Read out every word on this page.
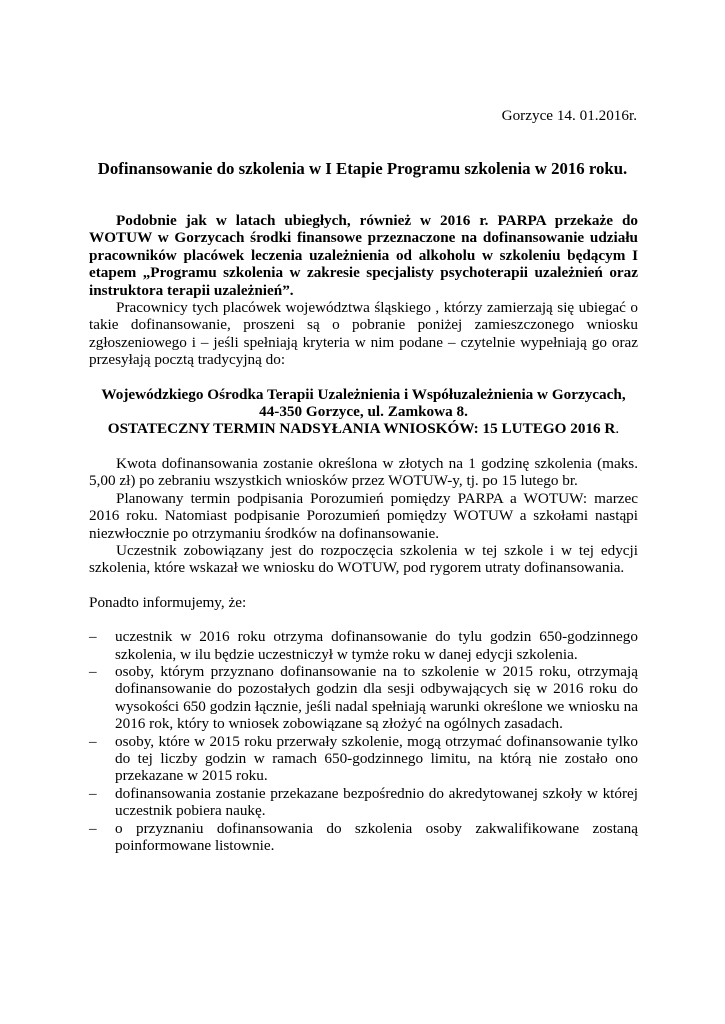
Gorzyce 14. 01.2016r.
Dofinansowanie do szkolenia w I Etapie Programu szkolenia w 2016 roku.

Podobnie jak w latach ubiegłych, również w 2016 r. PARPA przekaże do WOTUW w Gorzycach środki finansowe przeznaczone na dofinansowanie udziału pracowników placówek leczenia uzależnienia od alkoholu w szkoleniu będącym I etapem „Programu szkolenia w zakresie specjalisty psychoterapii uzależnień oraz instruktora terapii uzależnień”.

Pracownicy tych placówek województwa śląskiego , którzy zamierzają się ubiegać o takie dofinansowanie, proszeni są o pobranie poniżej zamieszczonego wniosku zgłoszeniowego i – jeśli spełniają kryteria w nim podane – czytelnie wypełniają go oraz przesyłają pocztą tradycyjną do:

Wojewódzkiego Ośrodka Terapii Uzależnienia i Współuzależnienia w Gorzycach,
44-350 Gorzyce, ul. Zamkowa 8.
OSTATECZNY TERMIN NADSYŁANIA WNIOSKÓW: 15 LUTEGO 2016 R.

Kwota dofinansowania zostanie określona w złotych na 1 godzinę szkolenia (maks. 5,00 zł) po zebraniu wszystkich wniosków przez WOTUW-y, tj. po 15 lutego br.

Planowany termin podpisania Porozumień pomiędzy PARPA a WOTUW: marzec 2016 roku. Natomiast podpisanie Porozumień pomiędzy WOTUW a szkołami nastąpi niezwłocznie po otrzymaniu środków na dofinansowanie.

Uczestnik zobowiązany jest do rozpoczęcia szkolenia w tej szkole i w tej edycji szkolenia, które wskazał we wniosku do WOTUW, pod rygorem utraty dofinansowania.

Ponadto informujemy, że:

– uczestnik w 2016 roku otrzyma dofinansowanie do tylu godzin 650-godzinnego szkolenia, w ilu będzie uczestniczył w tymże roku w danej edycji szkolenia.
– osoby, którym przyznano dofinansowanie na to szkolenie w 2015 roku, otrzymają dofinansowanie do pozostałych godzin dla sesji odbywających się w 2016 roku do wysokości 650 godzin łącznie, jeśli nadal spełniają warunki określone we wniosku na 2016 rok, który to wniosek zobowiązane są złożyć na ogólnych zasadach.
– osoby, które w 2015 roku przerwały szkolenie, mogą otrzymać dofinansowanie tylko do tej liczby godzin w ramach 650-godzinnego limitu, na którą nie zostało ono przekazane w 2015 roku.
– dofinansowania zostanie przekazane bezpośrednio do akredytowanej szkoły w której uczestnik pobiera naukę.
– o przyznaniu dofinansowania do szkolenia osoby zakwalifikowane zostaną poinformowane listownie.
